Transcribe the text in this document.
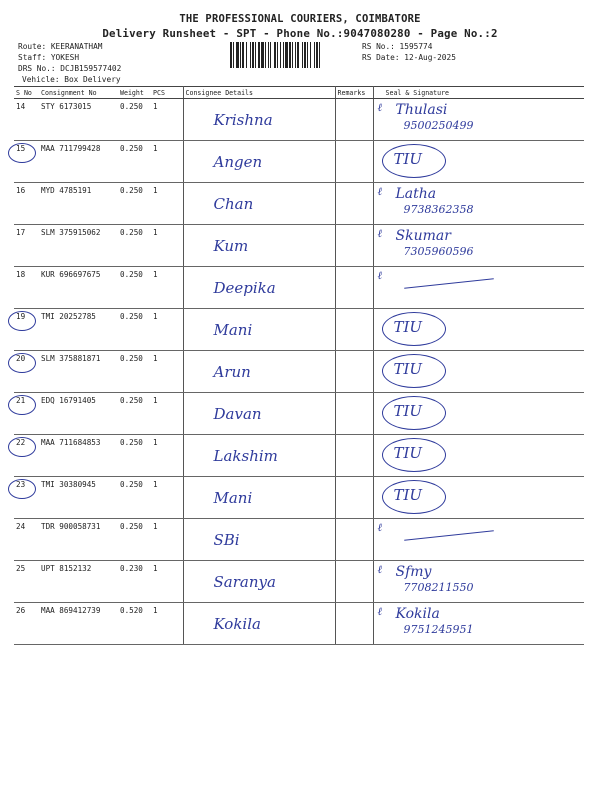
THE PROFESSIONAL COURIERS, COIMBATORE
Delivery Runsheet - SPT - Phone No.:9047080280 - Page No.:2
Route: KEERANATHAM
Staff: YOKESH
DRS No.: DCJB159577402
Vehicle: Box Delivery
RS No.: 1595774
RS Date: 12-Aug-2025
S No	Consignment No	Weight	PCS	Consignee Details	Remarks	Seal & Signature
14	STY 6173015	0.250	1	Krishna		ℓ Thulasi
9500250499

15	MAA 711799428	0.250	1	Angen		TIU

16	MYD 4785191	0.250	1	Chan		ℓ Latha
9738362358

17	SLM 375915062	0.250	1	Kum		ℓ Skumar
7305960596

18	KUR 696697675	0.250	1	Deepika		ℓ

19	TMI 20252785	0.250	1	Mani		TIU

20	SLM 375881871	0.250	1	Arun		TIU

21	EDQ 16791405	0.250	1	Davan		TIU

22	MAA 711684853	0.250	1	Lakshim		TIU

23	TMI 30380945	0.250	1	Mani		TIU

24	TDR 900058731	0.250	1	SBi		ℓ

25	UPT 8152132	0.230	1	Saranya		ℓ Sfmy
7708211550

26	MAA 869412739	0.520	1	Kokila		ℓ Kokila
9751245951
